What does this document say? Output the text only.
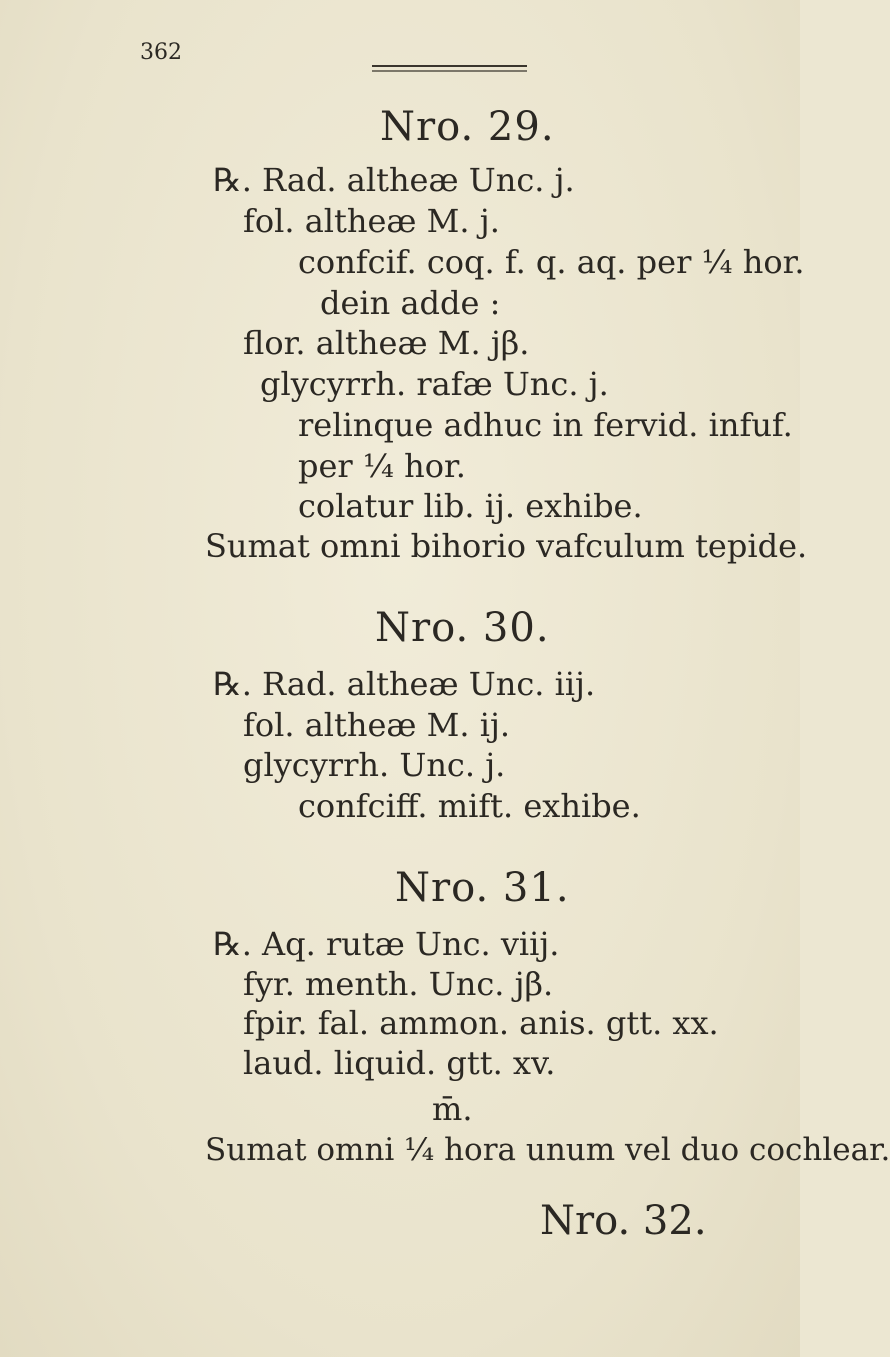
362
Nro. 29.
℞. Rad. altheæ Unc. j.
fol. altheæ M. j.
confcif. coq. f. q. aq. per ¼ hor.
dein adde :
flor. altheæ M. jβ.
glycyrrh. rafæ Unc. j.
relinque adhuc in fervid. infuf.
per ¼ hor.
colatur lib. ij. exhibe.
Sumat omni bihorio vafculum tepide.
Nro. 30.
℞. Rad. altheæ Unc. iij.
fol. altheæ M. ij.
glycyrrh. Unc. j.
confciff. mift. exhibe.
Nro. 31.
℞. Aq. rutæ Unc. viij.
fyr. menth. Unc. jβ.
fpir. fal. ammon. anis. gtt. xx.
laud. liquid. gtt. xv.
m̄.
Sumat omni ¼ hora unum vel duo cochlear.
Nro. 32.
